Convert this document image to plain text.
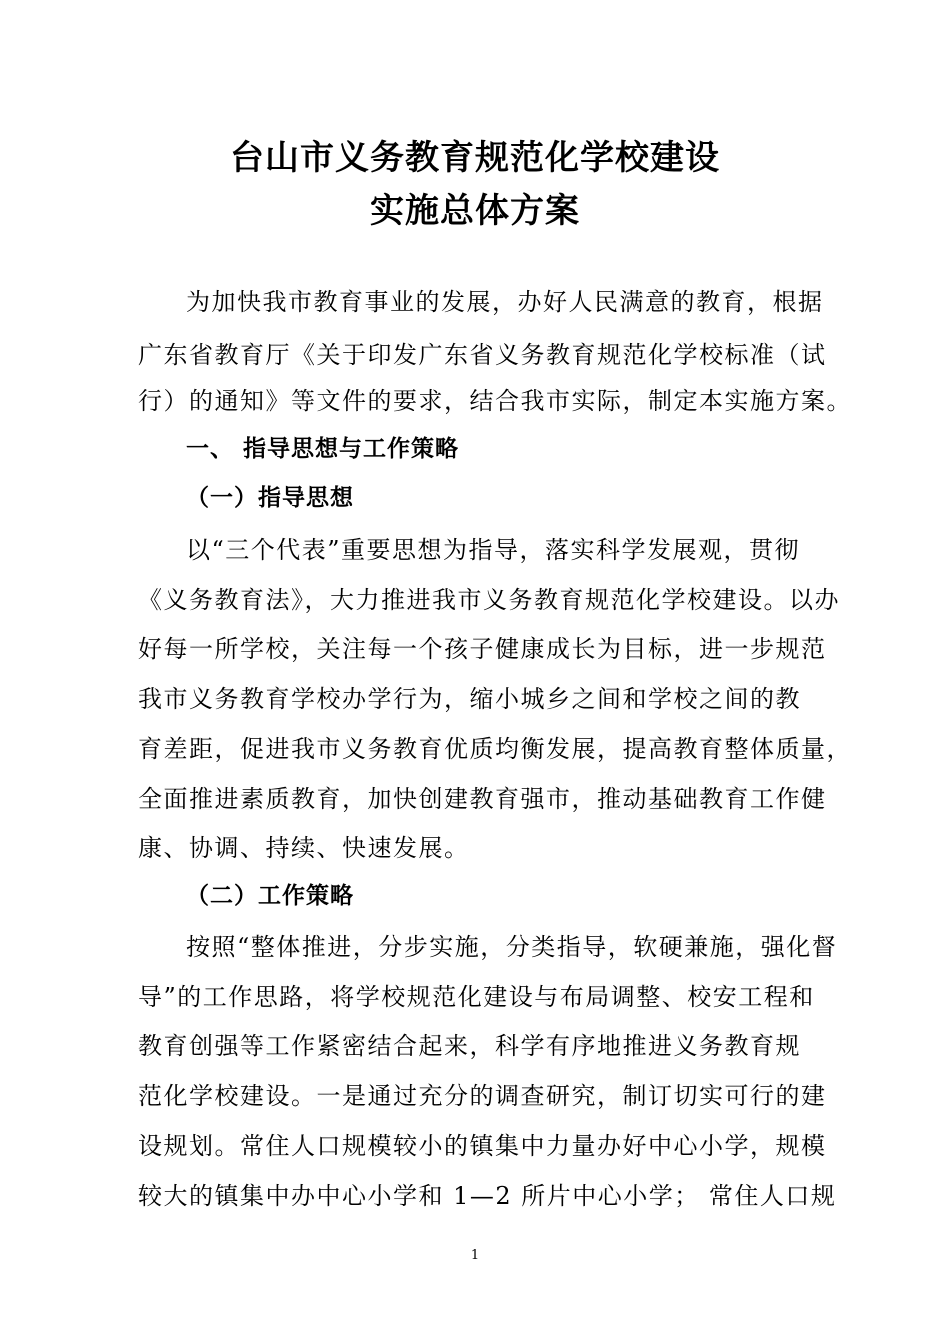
台山市义务教育规范化学校建设
实施总体方案

为加快我市教育事业的发展，办好人民满意的教育，根据

广东省教育厅《关于印发广东省义务教育规范化学校标准（试

行）的通知》等文件的要求，结合我市实际，制定本实施方案。

一、 指导思想与工作策略

（一）指导思想

以“三个代表”重要思想为指导，落实科学发展观，贯彻

《义务教育法》，大力推进我市义务教育规范化学校建设。以办

好每一所学校，关注每一个孩子健康成长为目标，进一步规范

我市义务教育学校办学行为，缩小城乡之间和学校之间的教

育差距，促进我市义务教育优质均衡发展，提高教育整体质量，

全面推进素质教育，加快创建教育强市，推动基础教育工作健

康、协调、持续、快速发展。

（二）工作策略

按照“整体推进，分步实施，分类指导，软硬兼施，强化督

导”的工作思路，将学校规范化建设与布局调整、校安工程和

教育创强等工作紧密结合起来，科学有序地推进义务教育规

范化学校建设。一是通过充分的调查研究，制订切实可行的建

设规划。常住人口规模较小的镇集中力量办好中心小学，规模

较大的镇集中办中心小学和 1—2 所片中心小学； 常住人口规

1
